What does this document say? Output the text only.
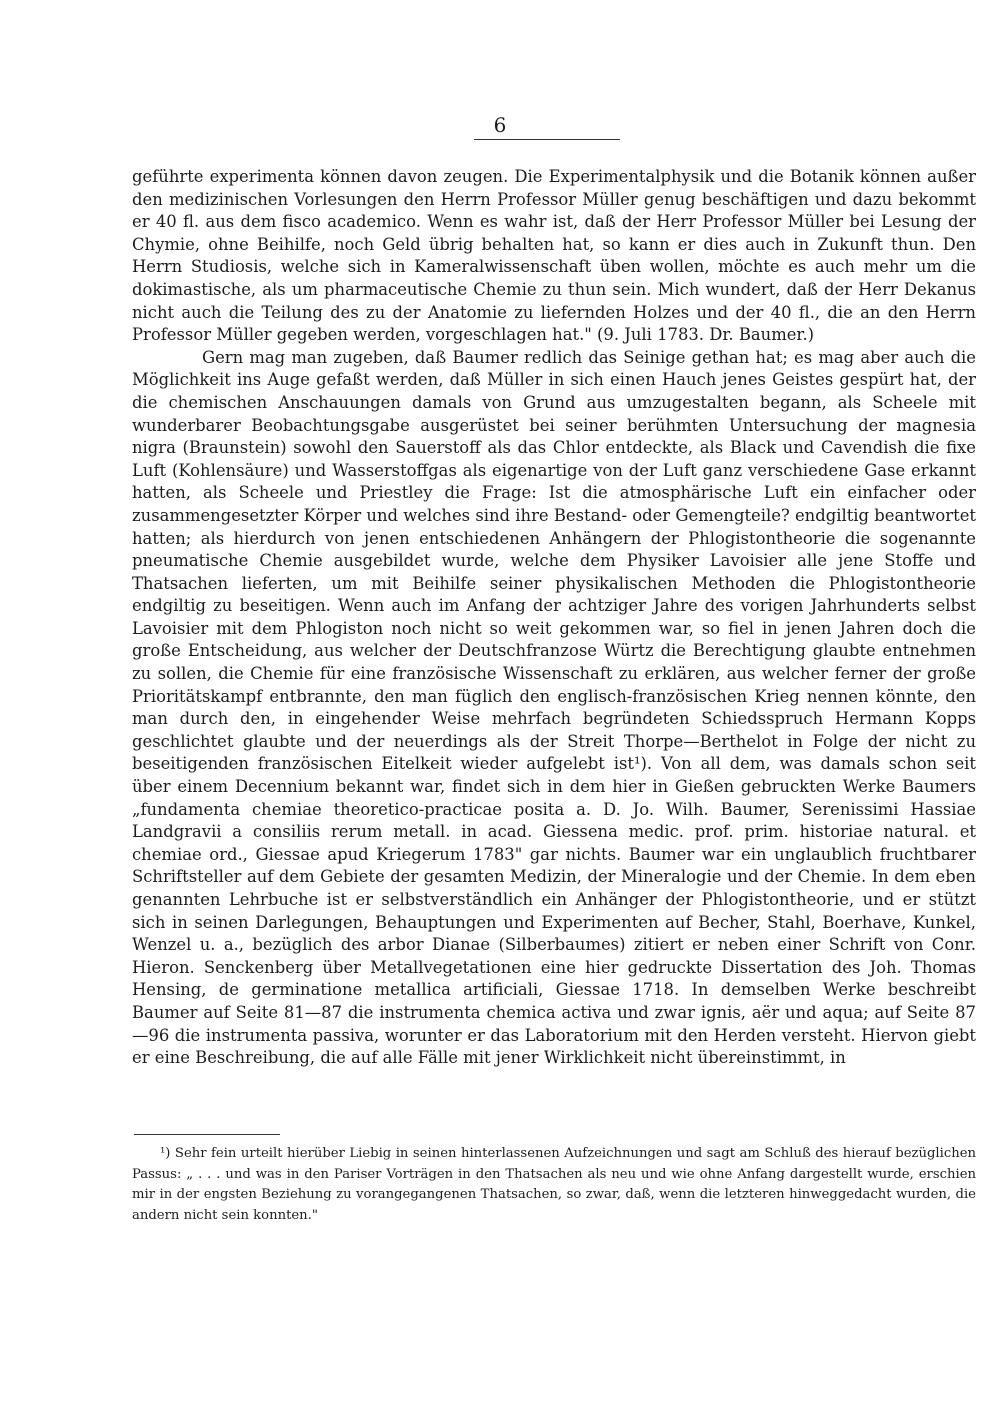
6

geführte experimenta können davon zeugen. Die Experimentalphysik und die Botanik können außer den medizinischen Vorlesungen den Herrn Professor Müller genug beschäftigen und dazu bekommt er 40 fl. aus dem fisco academico. Wenn es wahr ist, daß der Herr Professor Müller bei Lesung der Chymie, ohne Beihilfe, noch Geld übrig behalten hat, so kann er dies auch in Zukunft thun. Den Herrn Studiosis, welche sich in Kameralwissenschaft üben wollen, möchte es auch mehr um die dokimastische, als um pharmaceutische Chemie zu thun sein. Mich wundert, daß der Herr Dekanus nicht auch die Teilung des zu der Anatomie zu liefernden Holzes und der 40 fl., die an den Herrn Professor Müller gegeben werden, vorgeschlagen hat." (9. Juli 1783. Dr. Baumer.)

Gern mag man zugeben, daß Baumer redlich das Seinige gethan hat; es mag aber auch die Möglichkeit ins Auge gefaßt werden, daß Müller in sich einen Hauch jenes Geistes gespürt hat, der die chemischen Anschauungen damals von Grund aus umzugestalten begann, als Scheele mit wunderbarer Beobachtungsgabe ausgerüstet bei seiner berühmten Untersuchung der magnesia nigra (Braunstein) sowohl den Sauerstoff als das Chlor entdeckte, als Black und Cavendish die fixe Luft (Kohlensäure) und Wasserstoffgas als eigenartige von der Luft ganz verschiedene Gase erkannt hatten, als Scheele und Priestley die Frage: Ist die atmosphärische Luft ein einfacher oder zusammengesetzter Körper und welches sind ihre Bestand- oder Gemengteile? endgiltig beantwortet hatten; als hierdurch von jenen entschiedenen Anhängern der Phlogistontheorie die sogenannte pneumatische Chemie ausgebildet wurde, welche dem Physiker Lavoisier alle jene Stoffe und Thatsachen lieferten, um mit Beihilfe seiner physikalischen Methoden die Phlogistontheorie endgiltig zu beseitigen. Wenn auch im Anfang der achtziger Jahre des vorigen Jahrhunderts selbst Lavoisier mit dem Phlogiston noch nicht so weit gekommen war, so fiel in jenen Jahren doch die große Entscheidung, aus welcher der Deutschfranzose Würtz die Berechtigung glaubte entnehmen zu sollen, die Chemie für eine französische Wissenschaft zu erklären, aus welcher ferner der große Prioritätskampf entbrannte, den man füglich den englisch-französischen Krieg nennen könnte, den man durch den, in eingehender Weise mehrfach begründeten Schiedsspruch Hermann Kopps geschlichtet glaubte und der neuerdings als der Streit Thorpe—Berthelot in Folge der nicht zu beseitigenden französischen Eitelkeit wieder aufgelebt ist¹). Von all dem, was damals schon seit über einem Decennium bekannt war, findet sich in dem hier in Gießen gebruckten Werke Baumers „fundamenta chemiae theoretico-practicae posita a. D. Jo. Wilh. Baumer, Serenissimi Hassiae Landgravii a consiliis rerum metall. in acad. Giessena medic. prof. prim. historiae natural. et chemiae ord., Giessae apud Kriegerum 1783" gar nichts. Baumer war ein unglaublich fruchtbarer Schriftsteller auf dem Gebiete der gesamten Medizin, der Mineralogie und der Chemie. In dem eben genannten Lehrbuche ist er selbstverständlich ein Anhänger der Phlogistontheorie, und er stützt sich in seinen Darlegungen, Behauptungen und Experimenten auf Becher, Stahl, Boerhave, Kunkel, Wenzel u. a., bezüglich des arbor Dianae (Silberbaumes) zitiert er neben einer Schrift von Conr. Hieron. Senckenberg über Metallvegetationen eine hier gedruckte Dissertation des Joh. Thomas Hensing, de germinatione metallica artificiali, Giessae 1718. In demselben Werke beschreibt Baumer auf Seite 81—87 die instrumenta chemica activa und zwar ignis, aër und aqua; auf Seite 87—96 die instrumenta passiva, worunter er das Laboratorium mit den Herden versteht. Hiervon giebt er eine Beschreibung, die auf alle Fälle mit jener Wirklichkeit nicht übereinstimmt, in

¹) Sehr fein urteilt hierüber Liebig in seinen hinterlassenen Aufzeichnungen und sagt am Schluß des hierauf bezüglichen Passus: „ . . . und was in den Pariser Vorträgen in den Thatsachen als neu und wie ohne Anfang dargestellt wurde, erschien mir in der engsten Beziehung zu vorangegangenen Thatsachen, so zwar, daß, wenn die letzteren hinweggedacht wurden, die andern nicht sein konnten."
